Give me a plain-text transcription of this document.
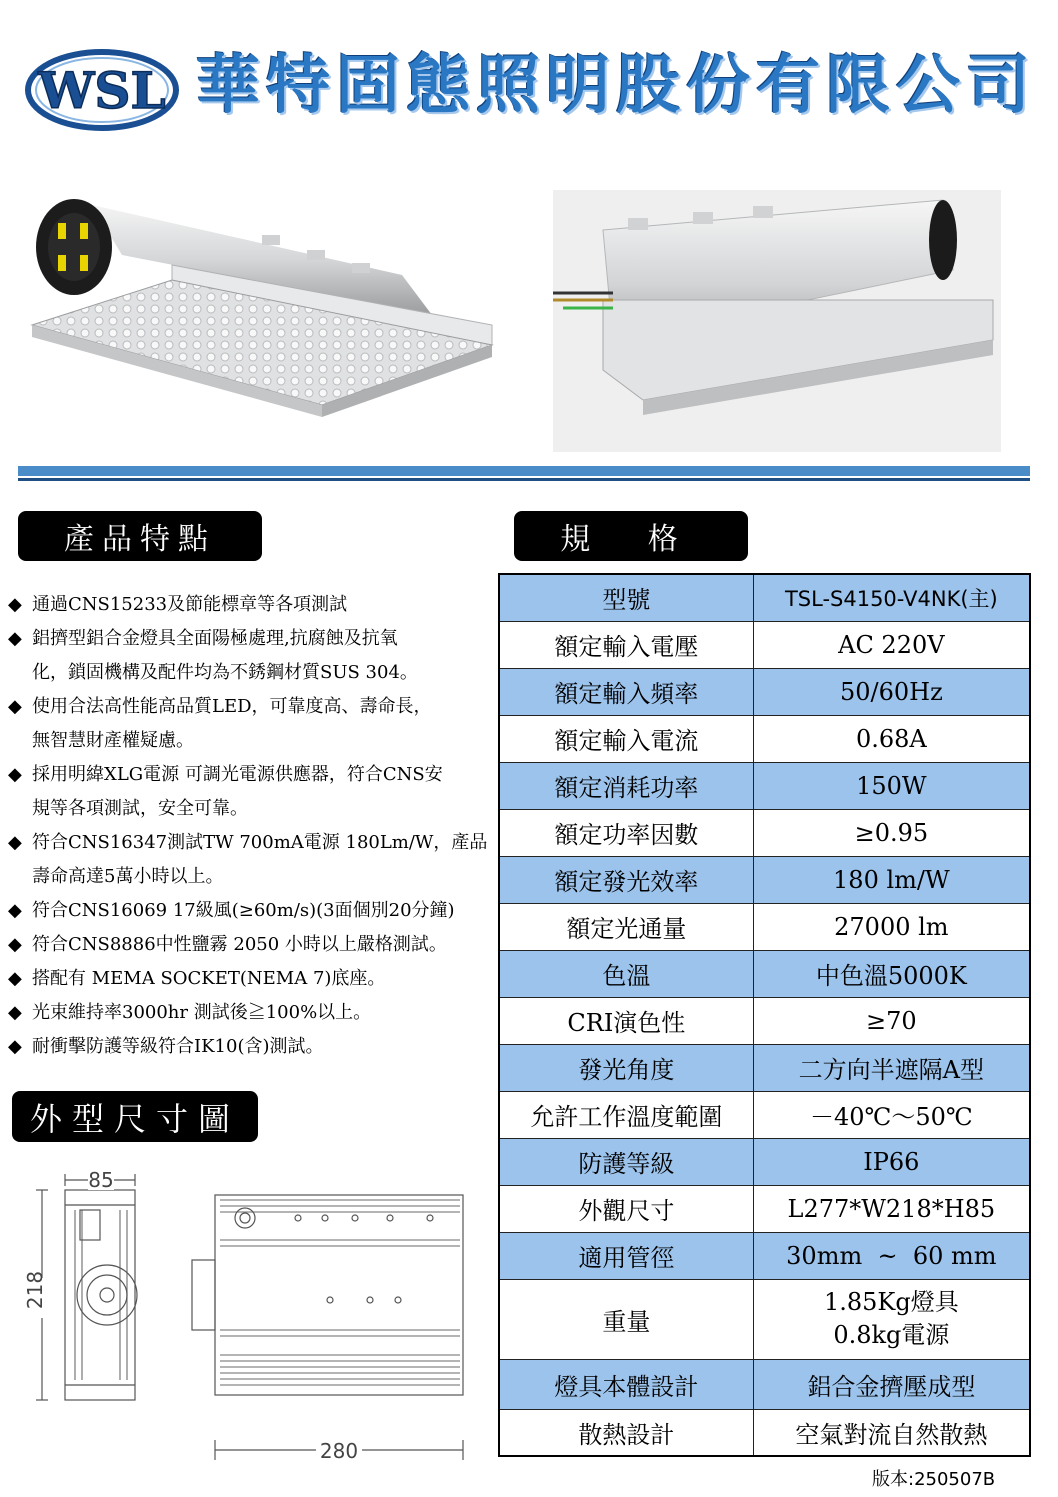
WSL 華特固態照明股份有限公司
產品特點	規 格
外型尺寸圖
◆ 通過CNS15233及節能標章等各項測試
◆ 鋁擠型鋁合金燈具全面陽極處理,抗腐蝕及抗氧
化，鎖固機構及配件均為不銹鋼材質SUS 304。
◆ 使用合法高性能高品質LED，可靠度高、壽命長，
無智慧財產權疑慮。
◆ 採用明緯XLG電源 可調光電源供應器，符合CNS安
規等各項測試，安全可靠。
◆ 符合CNS16347測試TW 700mA電源 180Lm/W，產品
壽命高達5萬小時以上。
◆ 符合CNS16069 17級風(≥60m/s)(3面個別20分鐘)
◆ 符合CNS8886中性鹽霧 2050 小時以上嚴格測試。
◆ 搭配有 MEMA SOCKET(NEMA 7)底座。
◆ 光束維持率3000hr 測試後≧100%以上。
◆ 耐衝擊防護等級符合IK10(含)測試。
型號	TSL-S4150-V4NK(主)
額定輸入電壓	AC 220V
額定輸入頻率	50/60Hz
額定輸入電流	0.68A
額定消耗功率	150W
額定功率因數	≥0.95
額定發光效率	180 lm/W
額定光通量	27000 lm
色溫	中色溫5000K
CRI演色性	≥70
發光角度	二方向半遮隔A型
允許工作溫度範圍	－40℃～50℃
防護等級	IP66
外觀尺寸	L277*W218*H85
適用管徑	30mm  ~  60 mm
重量	1.85Kg燈具
0.8kg電源

燈具本體設計	鋁合金擠壓成型
散熱設計	空氣對流自然散熱
85
218
280
版本:250507B
